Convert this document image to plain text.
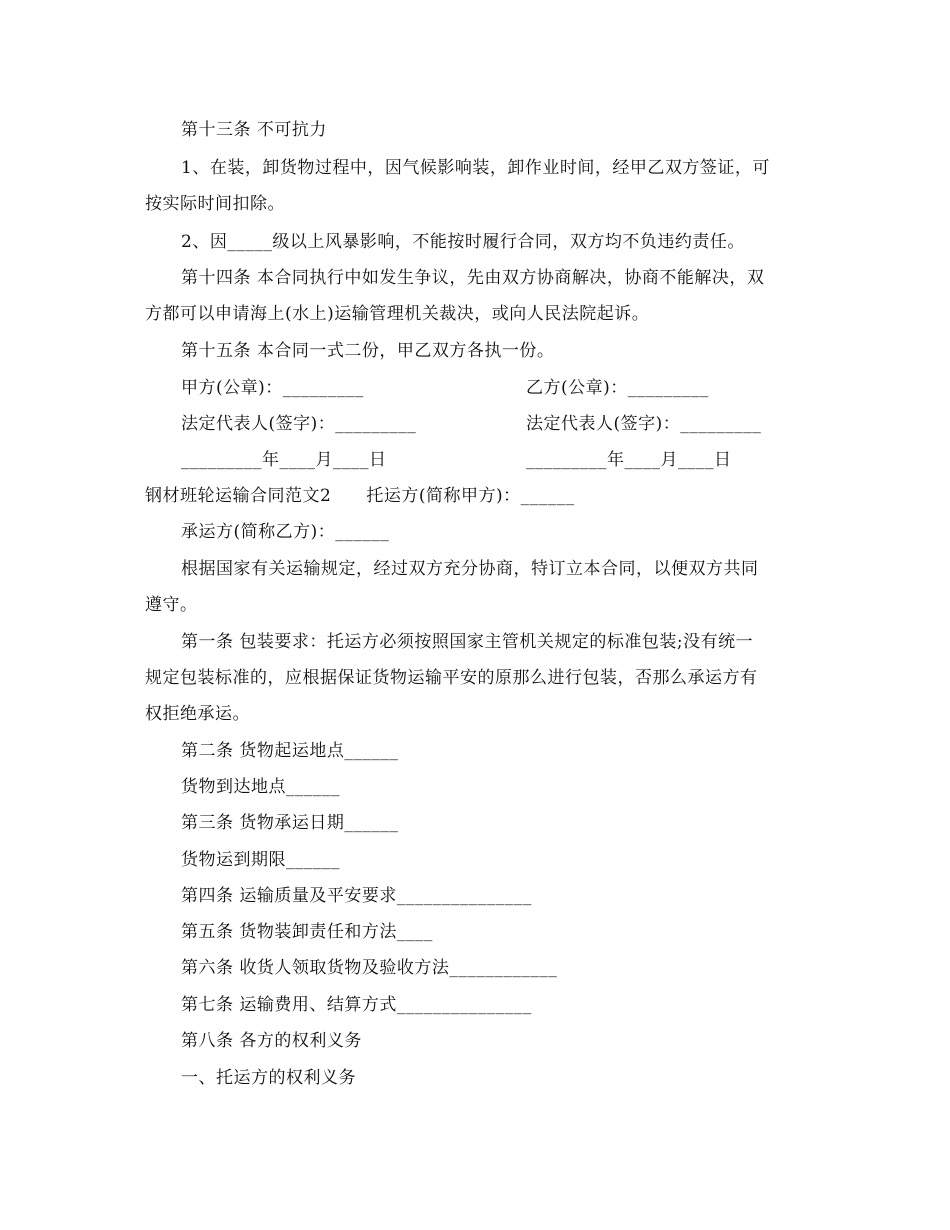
第十三条 不可抗力
1、在装，卸货物过程中，因气候影响装，卸作业时间，经甲乙双方签证，可
按实际时间扣除。
2、因_____级以上风暴影响，不能按时履行合同，双方均不负违约责任。
第十四条 本合同执行中如发生争议，先由双方协商解决，协商不能解决，双
方都可以申请海上(水上)运输管理机关裁决，或向人民法院起诉。
第十五条 本合同一式二份，甲乙双方各执一份。
甲方(公章)：_________	乙方(公章)：_________
法定代表人(签字)：_________	法定代表人(签字)：_________
_________年____月____日	_________年____月____日
钢材班轮运输合同范文2　　托运方(简称甲方)：______
承运方(简称乙方)：______
根据国家有关运输规定，经过双方充分协商，特订立本合同，以便双方共同
遵守。
第一条 包装要求：托运方必须按照国家主管机关规定的标准包装;没有统一
规定包装标准的，应根据保证货物运输平安的原那么进行包装，否那么承运方有
权拒绝承运。
第二条 货物起运地点______
货物到达地点______
第三条 货物承运日期______
货物运到期限______
第四条 运输质量及平安要求_______________
第五条 货物装卸责任和方法____
第六条 收货人领取货物及验收方法____________
第七条 运输费用、结算方式_______________
第八条 各方的权利义务
一、托运方的权利义务
